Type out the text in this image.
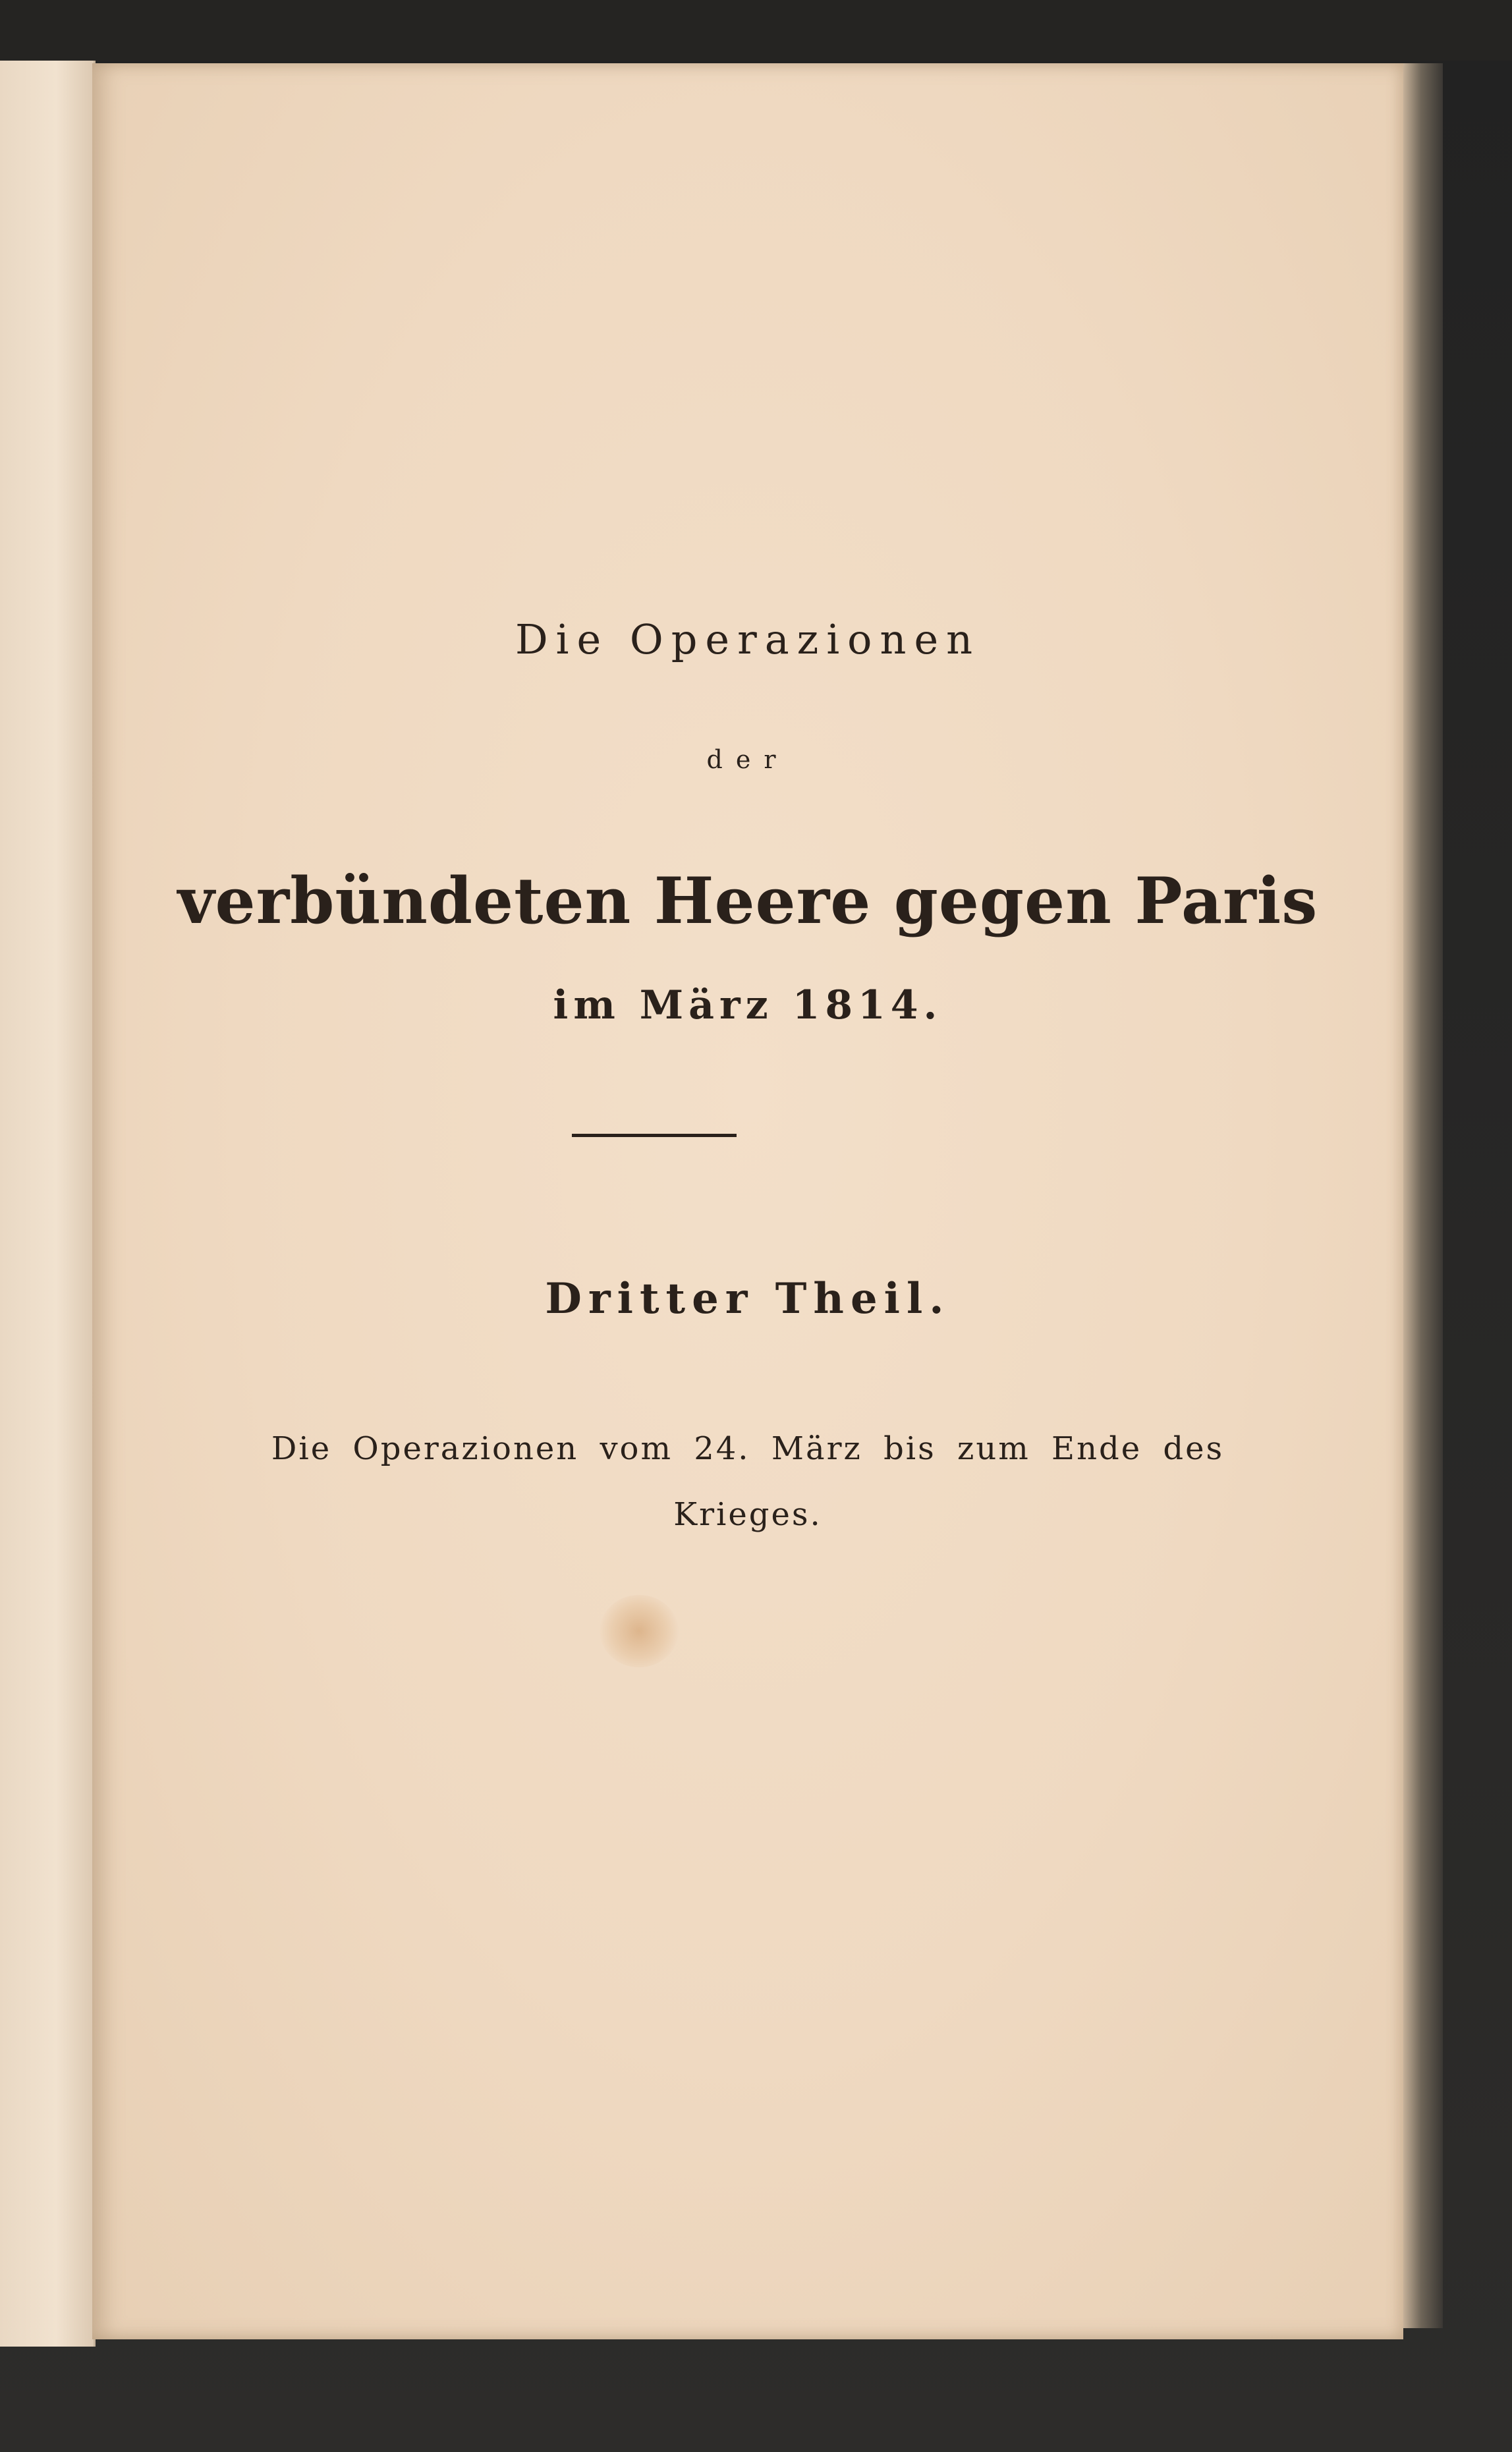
Die Operazionen
der
verbündeten Heere gegen Paris
im März 1814.
Dritter Theil.
Die Operazionen vom 24. März bis zum Ende des
Krieges.
